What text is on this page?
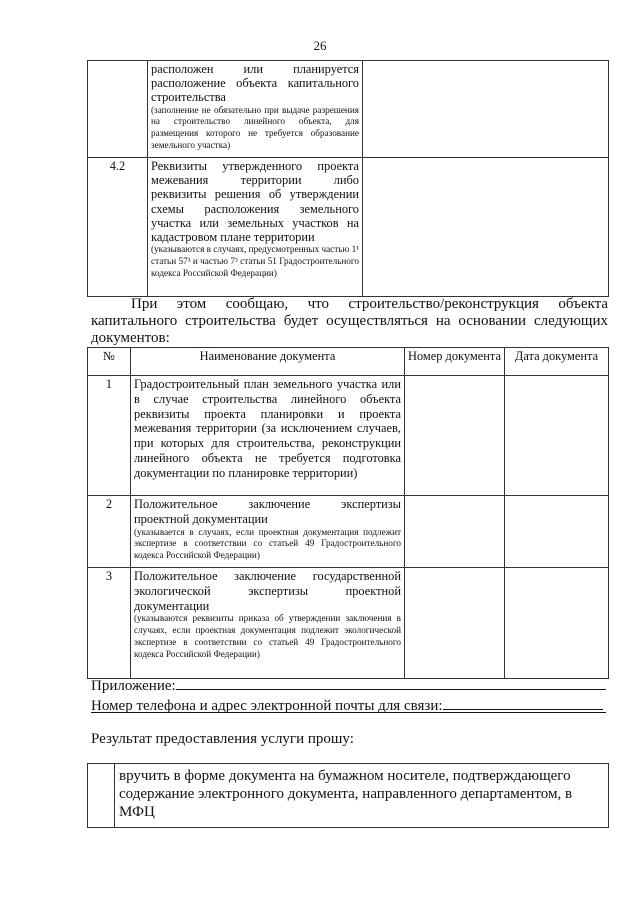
26

	расположен или планируется расположение объекта капитального строительства
(заполнение не обязательно при выдаче разрешения на строительство линейного объекта, для размещения которого не требуется образование земельного участка)	

4.2	Реквизиты утвержденного проекта межевания территории либо реквизиты решения об утверждении схемы расположения земельного участка или земельных участков на кадастровом плане территории
(указываются в случаях, предусмотренных частью 1¹ статьи 57³ и частью 7³ статьи 51 Градостроительного кодекса Российской Федерации)	

При этом сообщаю, что строительство/реконструкция объекта капитального строительства будет осуществляться на основании следующих документов:
№	Наименование документа	Номер документа	Дата документа
1	Градостроительный план земельного участка или в случае строительства линейного объекта реквизиты проекта планировки и проекта межевания территории (за исключением случаев, при которых для строительства, реконструкции линейного объекта не требуется подготовка документации по планировке территории)		

2	Положительное заключение экспертизы проектной документации
(указывается в случаях, если проектная документация подлежит экспертизе в соответствии со статьей 49 Градостроительного кодекса Российской Федерации)		

3	Положительное заключение государственной экологической экспертизы проектной документации
(указываются реквизиты приказа об утверждении заключения в случаях, если проектная документация подлежит экологической экспертизе в соответствии со статьей 49 Градостроительного кодекса Российской Федерации)		

Приложение:
Номер телефона и адрес электронной почты для связи:
Результат предоставления услуги прошу:
	вручить в форме документа на бумажном носителе, подтверждающего содержание электронного документа, направленного департаментом, в МФЦ
